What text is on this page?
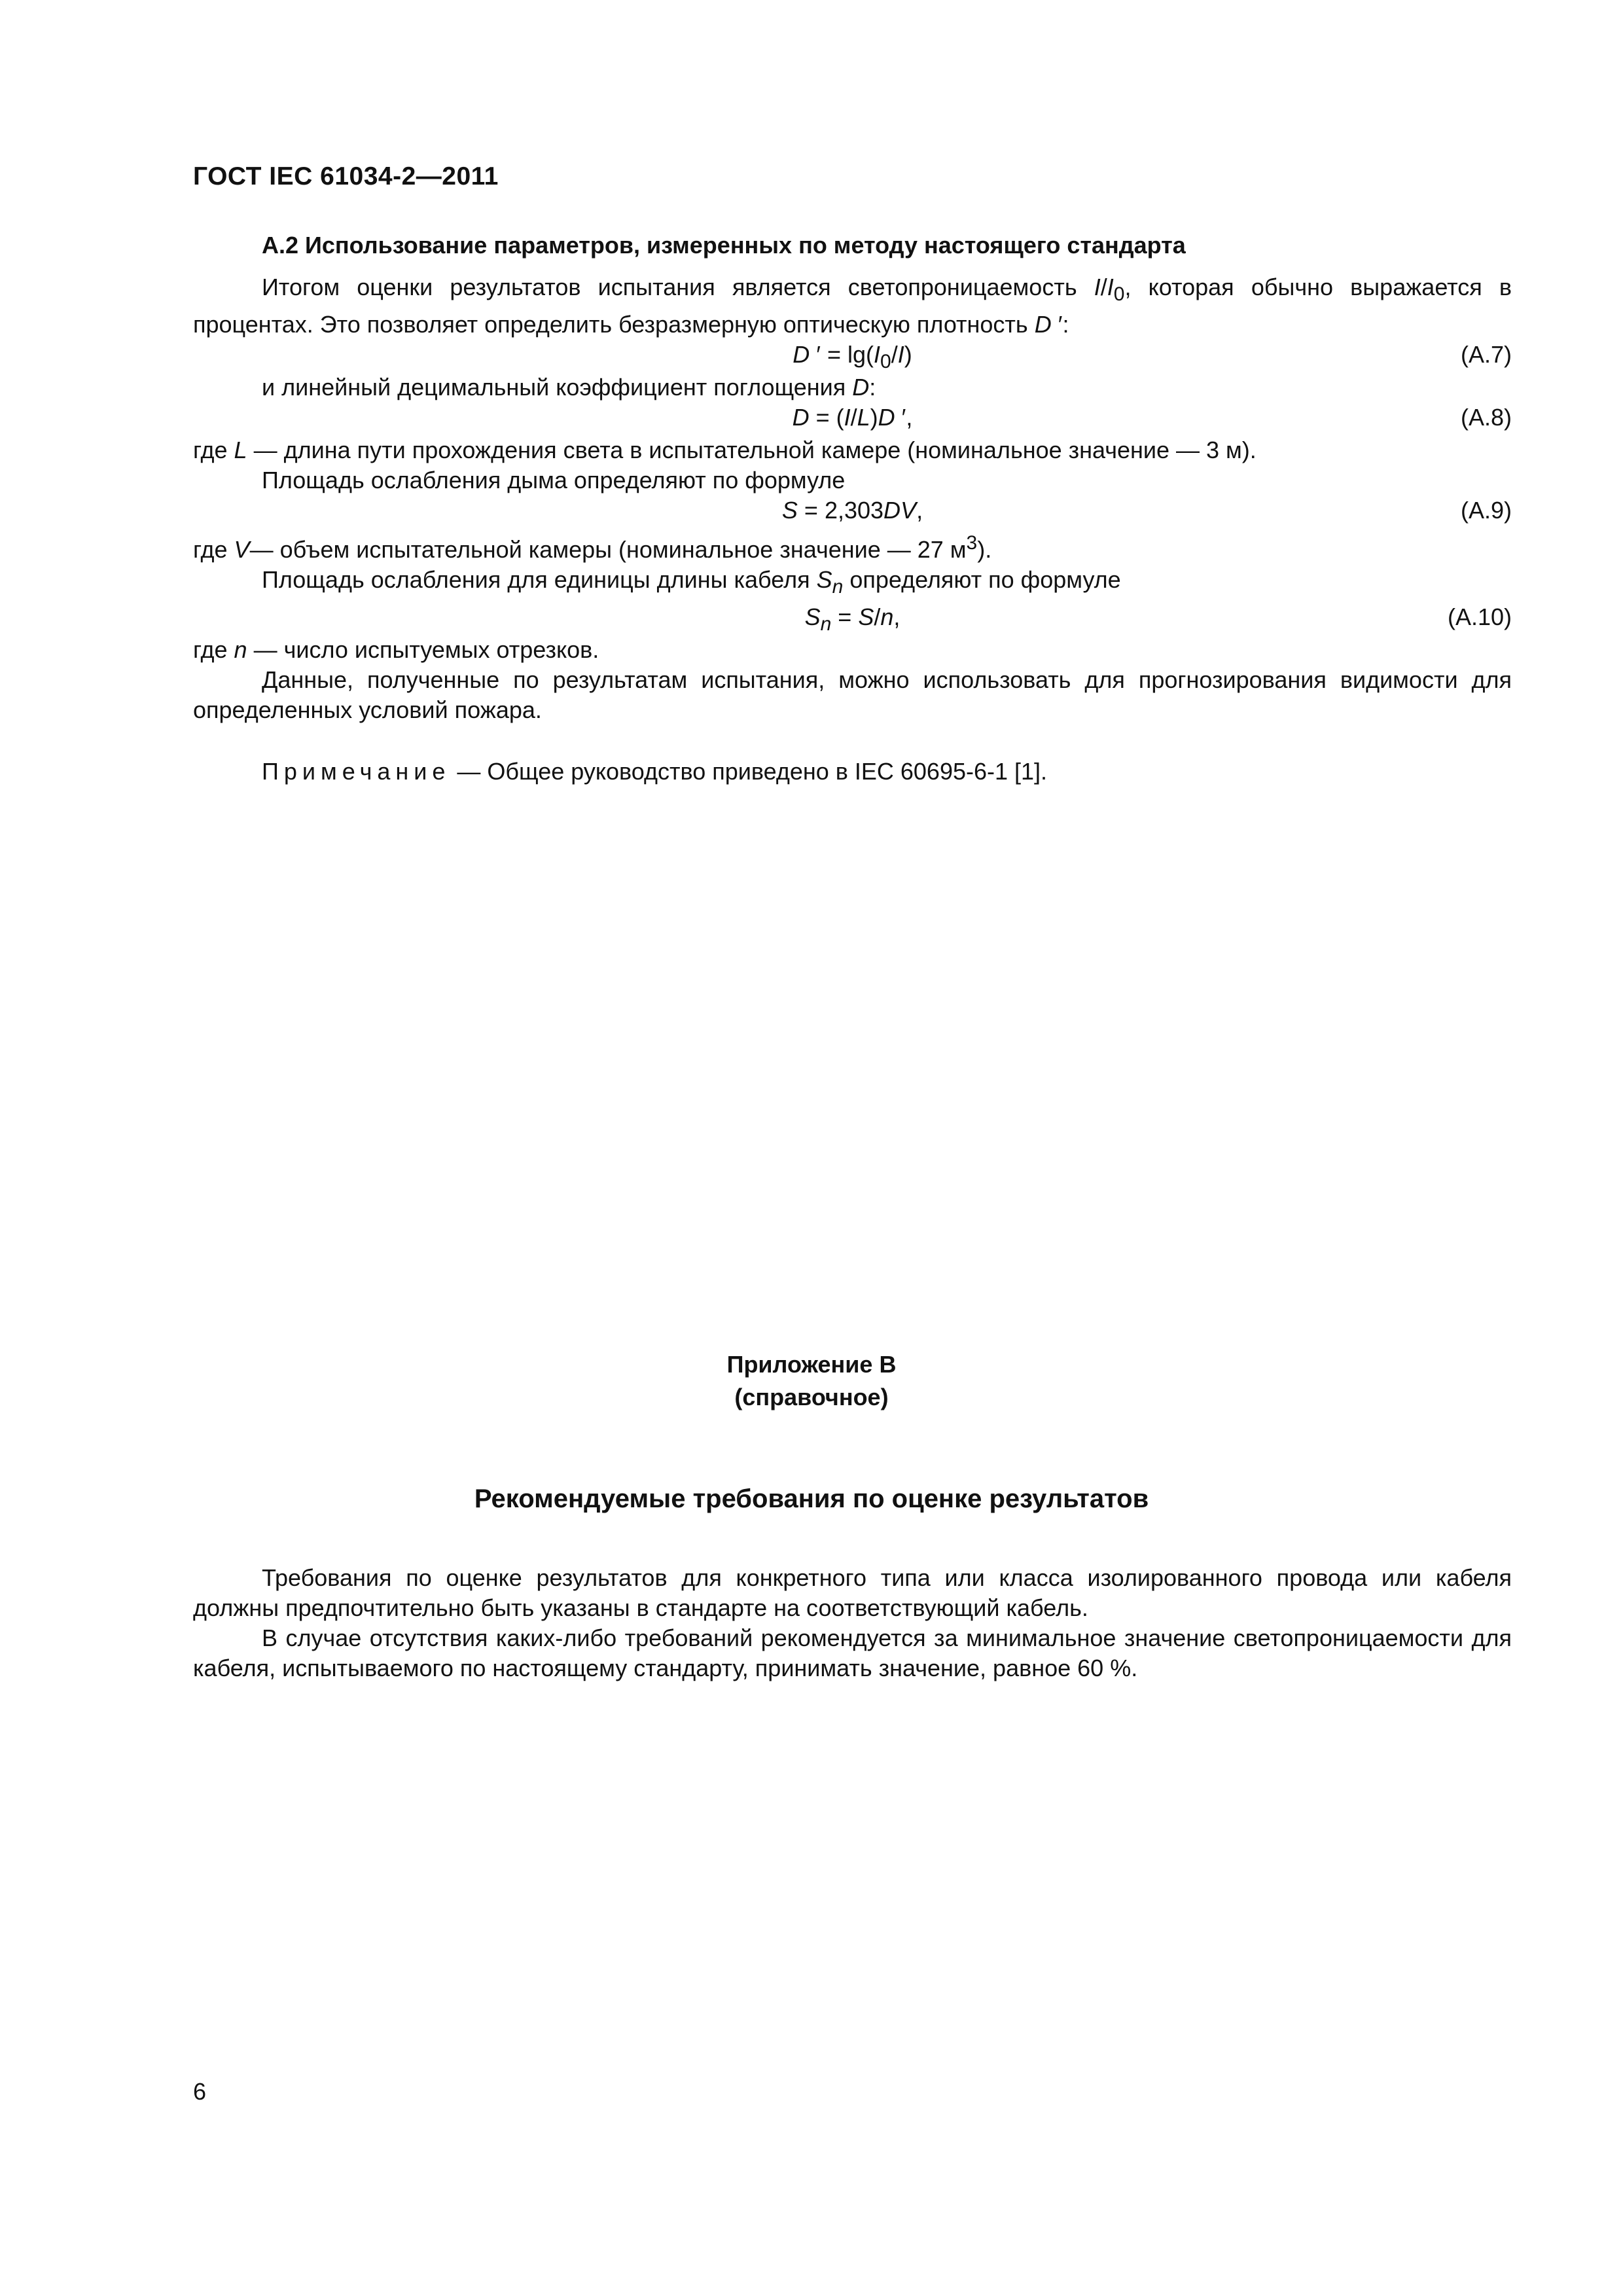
ГОСТ IEC 61034-2—2011

А.2 Использование параметров, измеренных по методу настоящего стандарта

Итогом оценки результатов испытания является светопроницаемость $I/I_0$, которая обычно выражается в процентах. Это позволяет определить безразмерную оптическую плотность D ′:

D ′ = $\lg(I_0/I)$	(А.7)

и линейный децимальный коэффициент поглощения D:

D = (I/L)D ′,	(А.8)

где L — длина пути прохождения света в испытательной камере (номинальное значение — 3 м).

Площадь ослабления дыма определяют по формуле

S = 2,303DV,	(А.9)

где V— объем испытательной камеры (номинальное значение — 27 $м^3$).

Площадь ослабления для единицы длины кабеля $S_n$ определяют по формуле

$S_n = S/n$,	(А.10)

где n — число испытуемых отрезков.

Данные, полученные по результатам испытания, можно использовать для прогнозирования видимости для определенных условий пожара.

Примечание — Общее руководство приведено в IEC 60695-6-1 [1].

Приложение В
(справочное)
Рекомендуемые требования по оценке результатов

Требования по оценке результатов для конкретного типа или класса изолированного провода или кабеля должны предпочтительно быть указаны в стандарте на соответствующий кабель.

В случае отсутствия каких-либо требований рекомендуется за минимальное значение светопроницаемости для кабеля, испытываемого по настоящему стандарту, принимать значение, равное 60 %.

6
